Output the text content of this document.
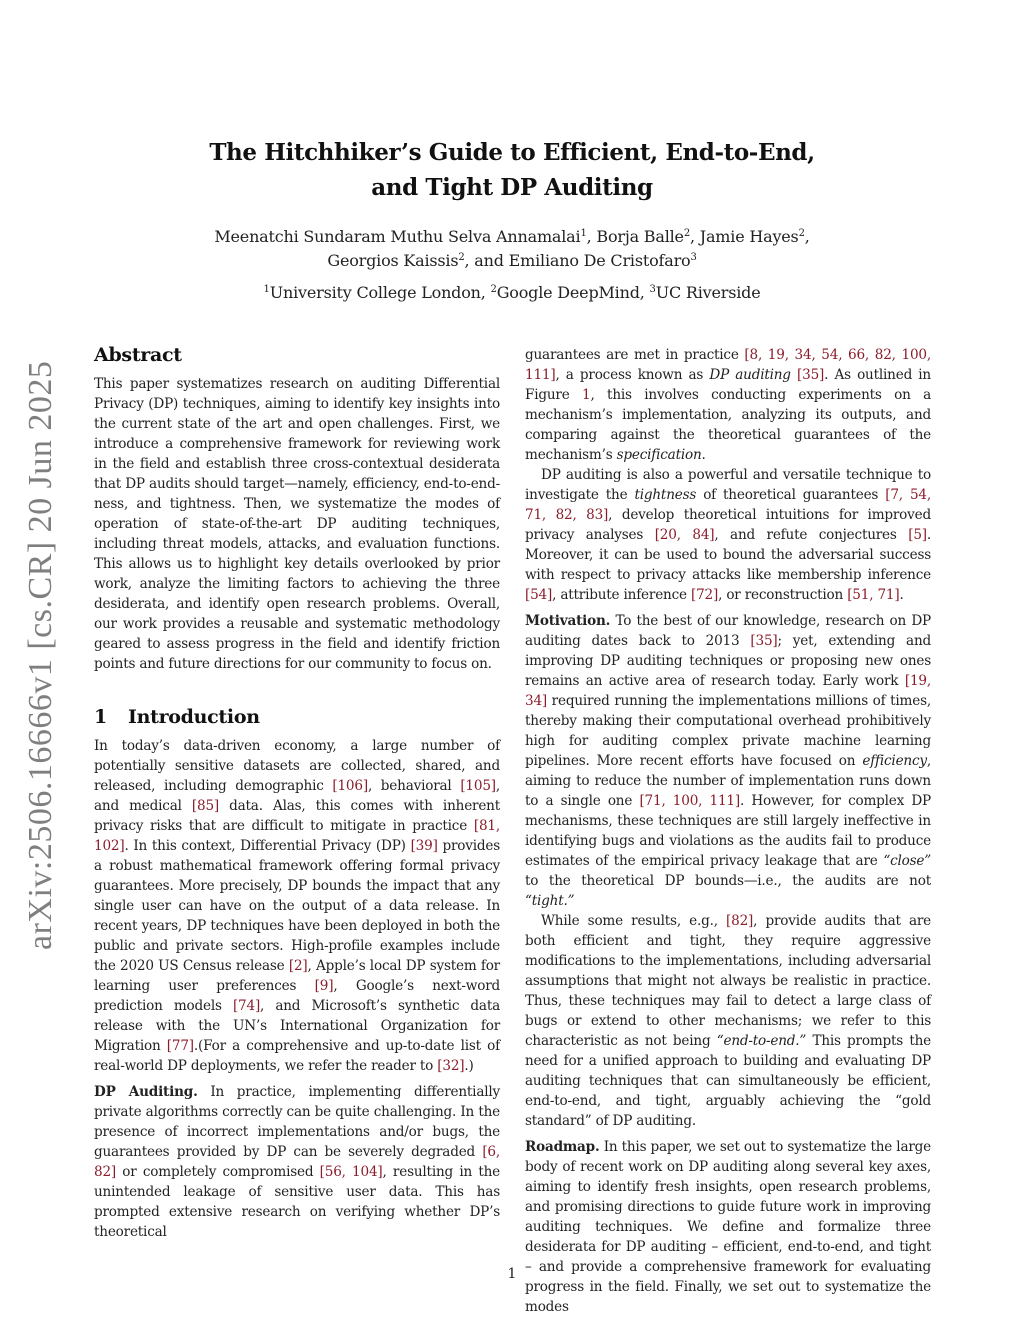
arXiv:2506.16666v1 [cs.CR] 20 Jun 2025
The Hitchhiker’s Guide to Efficient, End-to-End,
and Tight DP Auditing
Meenatchi Sundaram Muthu Selva Annamalai$^1$, Borja Balle$^2$, Jamie Hayes$^2$,
Georgios Kaissis$^2$, and Emiliano De Cristofaro$^3$
$^1$University College London, $^2$Google DeepMind, $^3$UC Riverside
Abstract

This paper systematizes research on auditing Differential Privacy (DP) techniques, aiming to identify key insights into the current state of the art and open challenges. First, we introduce a comprehensive framework for reviewing work in the field and establish three cross-contextual desiderata that DP audits should target—namely, efficiency, end-to-end-ness, and tightness. Then, we systematize the modes of operation of state-of-the-art DP auditing techniques, including threat models, attacks, and evaluation functions. This allows us to highlight key details overlooked by prior work, analyze the limiting factors to achieving the three desiderata, and identify open research problems. Overall, our work provides a reusable and systematic methodology geared to assess progress in the field and identify friction points and future directions for our community to focus on.

1 Introduction

In today’s data-driven economy, a large number of potentially sensitive datasets are collected, shared, and released, including demographic [106], behavioral [105], and medical [85] data. Alas, this comes with inherent privacy risks that are difficult to mitigate in practice [81, 102]. In this context, Differential Privacy (DP) [39] provides a robust mathematical framework offering formal privacy guarantees. More precisely, DP bounds the impact that any single user can have on the output of a data release. In recent years, DP techniques have been deployed in both the public and private sectors. High-profile examples include the 2020 US Census release [2], Apple’s local DP system for learning user preferences [9], Google’s next-word prediction models [74], and Microsoft’s synthetic data release with the UN’s International Organization for Migration [77].(For a comprehensive and up-to-date list of real-world DP deployments, we refer the reader to [32].)

DP Auditing. In practice, implementing differentially private algorithms correctly can be quite challenging. In the presence of incorrect implementations and/or bugs, the guarantees provided by DP can be severely degraded [6, 82] or completely compromised [56, 104], resulting in the unintended leakage of sensitive user data. This has prompted extensive research on verifying whether DP’s theoretical

guarantees are met in practice [8, 19, 34, 54, 66, 82, 100, 111], a process known as DP auditing [35]. As outlined in Figure 1, this involves conducting experiments on a mechanism’s implementation, analyzing its outputs, and comparing against the theoretical guarantees of the mechanism’s specification.

DP auditing is also a powerful and versatile technique to investigate the tightness of theoretical guarantees [7, 54, 71, 82, 83], develop theoretical intuitions for improved privacy analyses [20, 84], and refute conjectures [5]. Moreover, it can be used to bound the adversarial success with respect to privacy attacks like membership inference [54], attribute inference [72], or reconstruction [51, 71].

Motivation. To the best of our knowledge, research on DP auditing dates back to 2013 [35]; yet, extending and improving DP auditing techniques or proposing new ones remains an active area of research today. Early work [19, 34] required running the implementations millions of times, thereby making their computational overhead prohibitively high for auditing complex private machine learning pipelines. More recent efforts have focused on efficiency, aiming to reduce the number of implementation runs down to a single one [71, 100, 111]. However, for complex DP mechanisms, these techniques are still largely ineffective in identifying bugs and violations as the audits fail to produce estimates of the empirical privacy leakage that are “close” to the theoretical DP bounds—i.e., the audits are not “tight.”

While some results, e.g., [82], provide audits that are both efficient and tight, they require aggressive modifications to the implementations, including adversarial assumptions that might not always be realistic in practice. Thus, these techniques may fail to detect a large class of bugs or extend to other mechanisms; we refer to this characteristic as not being “end-to-end.” This prompts the need for a unified approach to building and evaluating DP auditing techniques that can simultaneously be efficient, end-to-end, and tight, arguably achieving the “gold standard” of DP auditing.

Roadmap. In this paper, we set out to systematize the large body of recent work on DP auditing along several key axes, aiming to identify fresh insights, open research problems, and promising directions to guide future work in improving auditing techniques. We define and formalize three desiderata for DP auditing – efficient, end-to-end, and tight – and provide a comprehensive framework for evaluating progress in the field. Finally, we set out to systematize the modes

1
